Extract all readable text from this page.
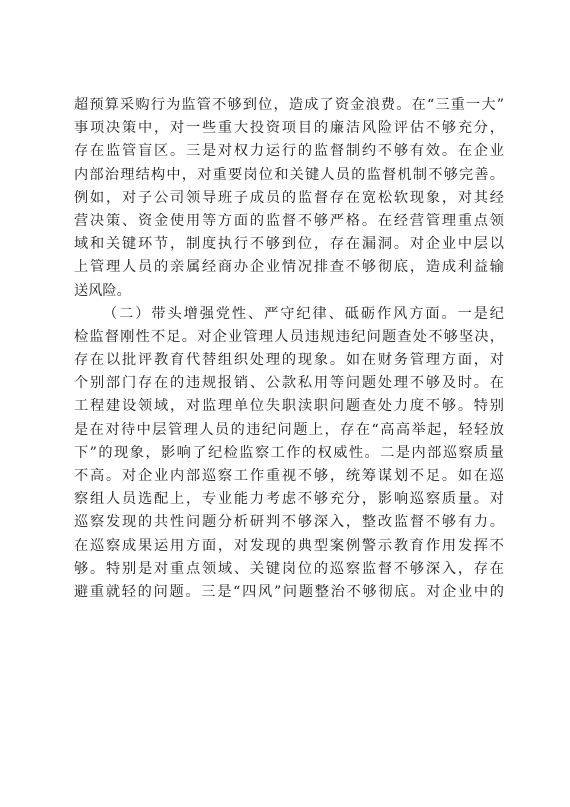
超预算采购行为监管不够到位，造成了资金浪费。在“三重一大”
事项决策中，对一些重大投资项目的廉洁风险评估不够充分，
存在监管盲区。三是对权力运行的监督制约不够有效。在企业
内部治理结构中，对重要岗位和关键人员的监督机制不够完善。
例如，对子公司领导班子成员的监督存在宽松软现象，对其经
营决策、资金使用等方面的监督不够严格。在经营管理重点领
域和关键环节，制度执行不够到位，存在漏洞。对企业中层以
上管理人员的亲属经商办企业情况排查不够彻底，造成利益输
送风险。
（二）带头增强党性、严守纪律、砥砺作风方面。一是纪
检监督刚性不足。对企业管理人员违规违纪问题查处不够坚决，
存在以批评教育代替组织处理的现象。如在财务管理方面，对
个别部门存在的违规报销、公款私用等问题处理不够及时。在
工程建设领域，对监理单位失职渎职问题查处力度不够。特别
是在对待中层管理人员的违纪问题上，存在“高高举起，轻轻放
下”的现象，影响了纪检监察工作的权威性。二是内部巡察质量
不高。对企业内部巡察工作重视不够，统筹谋划不足。如在巡
察组人员选配上，专业能力考虑不够充分，影响巡察质量。对
巡察发现的共性问题分析研判不够深入，整改监督不够有力。
在巡察成果运用方面，对发现的典型案例警示教育作用发挥不
够。特别是对重点领域、关键岗位的巡察监督不够深入，存在
避重就轻的问题。三是“四风”问题整治不够彻底。对企业中的
